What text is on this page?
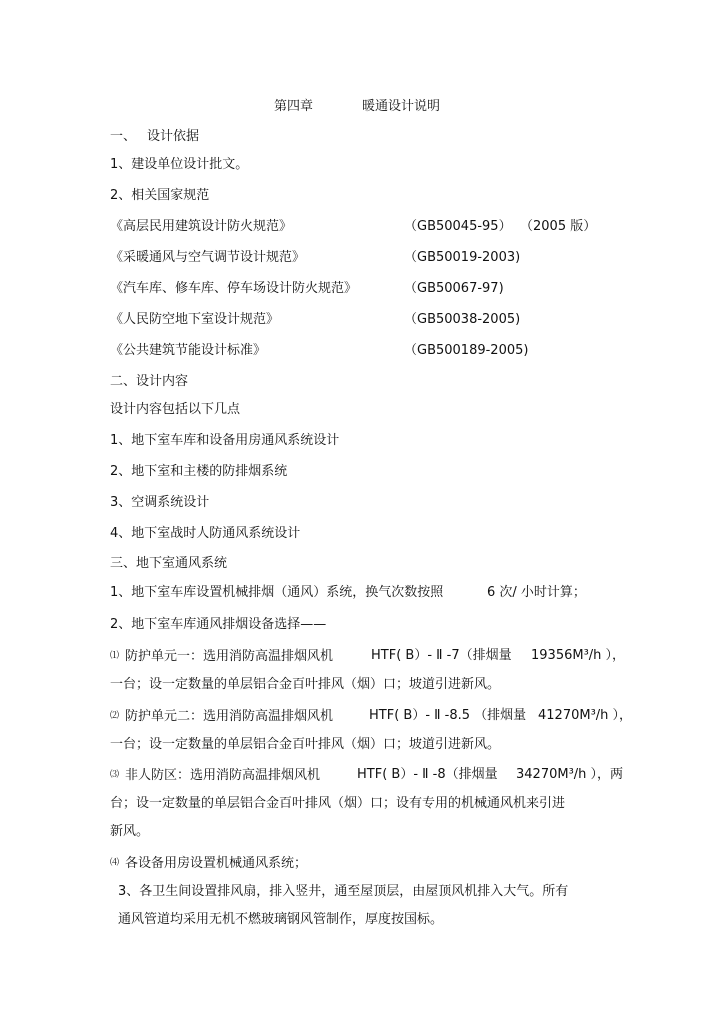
第四章	暖通设计说明
一、 设计依据
1、建设单位设计批文。
2、相关国家规范
《高层民用建筑设计防火规范》	（GB50045-95） （2005 版）
《采暖通风与空气调节设计规范》	（GB50019-2003)
《汽车库、修车库、停车场设计防火规范》	（GB50067-97)
《人民防空地下室设计规范》	（GB50038-2005)
《公共建筑节能设计标准》	（GB500189-2005)
二、设计内容
设计内容包括以下几点
1、地下室车库和设备用房通风系统设计
2、地下室和主楼的防排烟系统
3、空调系统设计
4、地下室战时人防通风系统设计
三、地下室通风系统
1、地下室车库设置机械排烟（通风）系统，换气次数按照	6 次/ 小时计算；
2、地下室车库通风排烟设备选择——
⑴ 防护单元一：选用消防高温排烟风机	HTF( B）- Ⅱ -7（排烟量 19356M³/h ），
一台；设一定数量的单层铝合金百叶排风（烟）口；坡道引进新风。
⑵ 防护单元二：选用消防高温排烟风机	HTF( B）- Ⅱ -8.5 （排烟量 41270M³/h ），
一台；设一定数量的单层铝合金百叶排风（烟）口；坡道引进新风。
⑶ 非人防区：选用消防高温排烟风机	HTF( B）- Ⅱ -8（排烟量 34270M³/h ），两
台；设一定数量的单层铝合金百叶排风（烟）口；设有专用的机械通风机来引进
新风。
⑷ 各设备用房设置机械通风系统；
3、各卫生间设置排风扇，排入竖井，通至屋顶层，由屋顶风机排入大气。所有
通风管道均采用无机不燃玻璃钢风管制作，厚度按国标。
